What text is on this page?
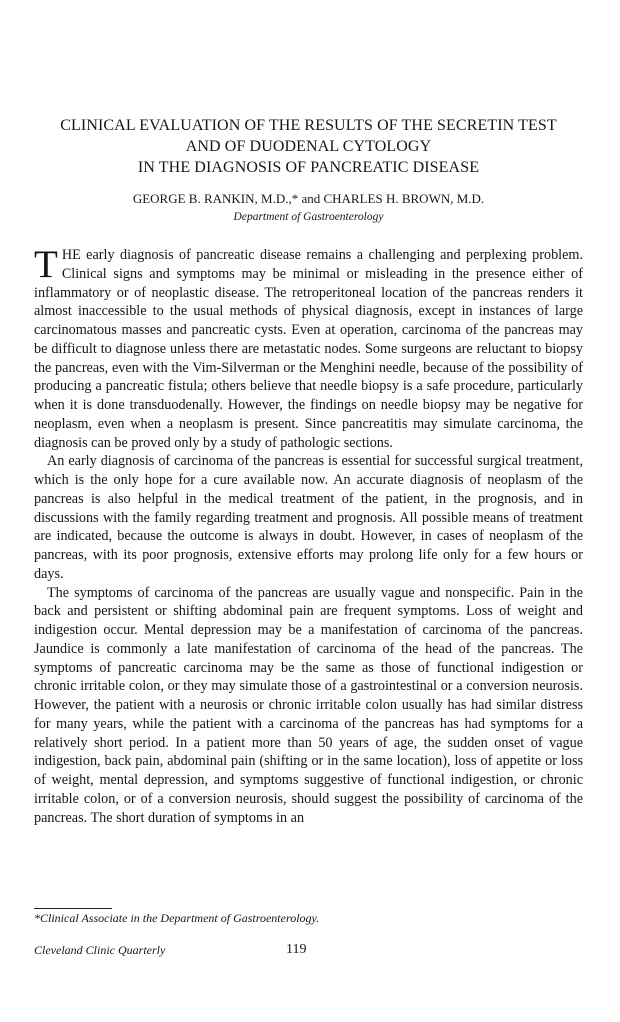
CLINICAL EVALUATION OF THE RESULTS OF THE SECRETIN TEST
AND OF DUODENAL CYTOLOGY
IN THE DIAGNOSIS OF PANCREATIC DISEASE
GEORGE B. RANKIN, M.D.,* and CHARLES H. BROWN, M.D.
Department of Gastroenterology

THE early diagnosis of pancreatic disease remains a challenging and perplexing problem. Clinical signs and symptoms may be minimal or misleading in the presence either of inflammatory or of neoplastic disease. The retroperitoneal location of the pancreas renders it almost inaccessible to the usual methods of physical diagnosis, except in instances of large carcinomatous masses and pancreatic cysts. Even at operation, carcinoma of the pancreas may be difficult to diagnose unless there are metastatic nodes. Some surgeons are reluctant to biopsy the pancreas, even with the Vim-Silverman or the Menghini needle, because of the possibility of producing a pancreatic fistula; others believe that needle biopsy is a safe procedure, particularly when it is done transduodenally. However, the findings on needle biopsy may be negative for neoplasm, even when a neoplasm is present. Since pancreatitis may simulate carcinoma, the diagnosis can be proved only by a study of pathologic sections.

An early diagnosis of carcinoma of the pancreas is essential for successful surgical treatment, which is the only hope for a cure available now. An accurate diagnosis of neoplasm of the pancreas is also helpful in the medical treatment of the patient, in the prognosis, and in discussions with the family regarding treatment and prognosis. All possible means of treatment are indicated, because the outcome is always in doubt. However, in cases of neoplasm of the pancreas, with its poor prognosis, extensive efforts may prolong life only for a few hours or days.

The symptoms of carcinoma of the pancreas are usually vague and nonspecific. Pain in the back and persistent or shifting abdominal pain are frequent symptoms. Loss of weight and indigestion occur. Mental depression may be a manifestation of carcinoma of the pancreas. Jaundice is commonly a late manifestation of carcinoma of the head of the pancreas. The symptoms of pancreatic carcinoma may be the same as those of functional indigestion or chronic irritable colon, or they may simulate those of a gastrointestinal or a conversion neurosis. However, the patient with a neurosis or chronic irritable colon usually has had similar distress for many years, while the patient with a carcinoma of the pancreas has had symptoms for a relatively short period. In a patient more than 50 years of age, the sudden onset of vague indigestion, back pain, abdominal pain (shifting or in the same location), loss of appetite or loss of weight, mental depression, and symptoms suggestive of functional indigestion, or chronic irritable colon, or of a conversion neurosis, should suggest the possibility of carcinoma of the pancreas. The short duration of symptoms in an

*Clinical Associate in the Department of Gastroenterology.
Cleveland Clinic Quarterly	119
